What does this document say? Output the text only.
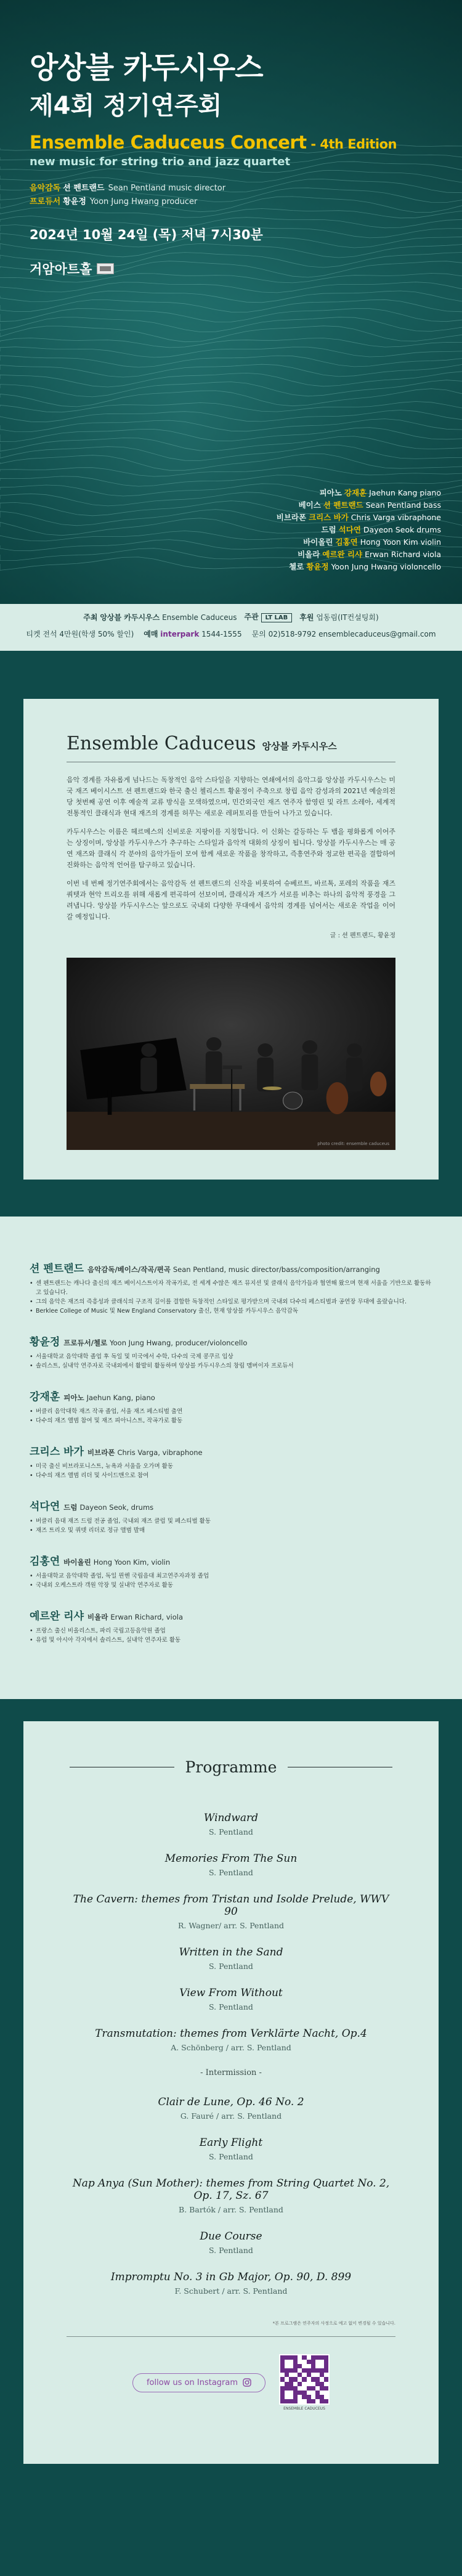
앙상블 카두시우스
제4회 정기연주회
Ensemble Caduceus Concert - 4th Edition
new music for string trio and jazz quartet
음악감독 션 펜트랜드 Sean Pentland music director
프로듀서 황윤정 Yoon Jung Hwang producer
2024년 10월 24일 (목) 저녁 7시30분
거암아트홀
피아노 강재훈 Jaehun Kang piano
베이스 션 펜트랜드 Sean Pentland bass
비브라폰 크리스 바가 Chris Varga vibraphone
드럼 석다연 Dayeon Seok drums
바이올린 김홍연 Hong Yoon Kim violin
비올라 예르완 리샤 Erwan Richard viola
첼로 황윤정 Yoon Jung Hwang violoncello
주최 앙상블 카두시우스 Ensemble Caduceus 주관 LT LAB	후원 업동림(IT컨설팅회)
티켓 전석 4만원(학생 50% 할인) 예매 interpark 1544-1555 문의 02)518-9792 ensemblecaduceus@gmail.com
Ensemble Caduceus 앙상블 카두시우스

음악 경계를 자유롭게 넘나드는 독창적인 음악 스타일을 지향하는 연쇄에서의 음악그룹 앙상블 카두시우스는 미국 재즈 베이시스트 션 펜트랜드와 한국 출신 첼리스트 황윤정이 주축으로 창립 음악 감성과의 2021년 예술의전당 첫번째 공연 이후 예술적 교류 방식을 모색하였으며, 민간외국인 재즈 연주자 함영린 및 라트 소레아, 세계적 전통적인 클래식과 현대 재즈의 경계를 허무는 새로운 레퍼토리를 만들어 나가고 있습니다.

카두시우스는 이름은 헤르메스의 신비로운 지팡이를 지칭합니다. 이 신화는 갈등하는 두 뱀을 평화롭게 이어주는 상징이며, 앙상블 카두시우스가 추구하는 스타일과 음악적 대화의 상징이 됩니다. 앙상블 카두시우스는 매 공연 재즈와 클래식 각 분야의 음악가들이 모여 함께 새로운 작품을 창작하고, 즉흥연주와 정교한 편곡을 결합하여 진화하는 음악적 언어를 탐구하고 있습니다.

이번 네 번째 정기연주회에서는 음악감독 션 펜트랜드의 신작을 비롯하여 슈베르트, 바르톡, 포레의 작품을 재즈 쿼텟과 현악 트리오를 위해 새롭게 편곡하여 선보이며, 클래식과 재즈가 서로를 비추는 하나의 음악적 풍경을 그려냅니다. 앙상블 카두시우스는 앞으로도 국내외 다양한 무대에서 음악의 경계를 넘어서는 새로운 작업을 이어갈 예정입니다.

글 : 션 펜트랜드, 황윤정
photo credit: ensemble caduceus
션 펜트랜드 음악감독/베이스/작곡/편곡 Sean Pentland, music director/bass/composition/arranging
• 센 펜트랜드는 캐나다 출신의 재즈 베이시스트이자 작곡가로, 전 세계 수많은 재즈 뮤지션 및 클래식 음악가들과 협연해 왔으며 현재 서울을 기반으로 활동하고 있습니다.
• 그의 음악은 재즈의 즉흥성과 클래식의 구조적 깊이를 결합한 독창적인 스타일로 평가받으며 국내외 다수의 페스티벌과 공연장 무대에 올랐습니다.
• Berklee College of Music 및 New England Conservatory 출신, 현재 앙상블 카두시우스 음악감독
황윤정 프로듀서/첼로 Yoon Jung Hwang, producer/violoncello
• 서울대학교 음악대학 졸업 후 독일 및 미국에서 수학, 다수의 국제 콩쿠르 입상
• 솔리스트, 실내악 연주자로 국내외에서 활발히 활동하며 앙상블 카두시우스의 창립 멤버이자 프로듀서
강재훈 피아노 Jaehun Kang, piano
• 버클리 음악대학 재즈 작곡 졸업, 서울 재즈 페스티벌 출연
• 다수의 재즈 앨범 참여 및 재즈 피아니스트, 작곡가로 활동
크리스 바가 비브라폰 Chris Varga, vibraphone
• 미국 출신 비브라포니스트, 뉴욕과 서울을 오가며 활동
• 다수의 재즈 앨범 리더 및 사이드맨으로 참여
석다연 드럼 Dayeon Seok, drums
• 버클리 음대 재즈 드럼 전공 졸업, 국내외 재즈 클럽 및 페스티벌 활동
• 재즈 트리오 및 쿼텟 리더로 정규 앨범 발매
김홍연 바이올린 Hong Yoon Kim, violin
• 서울대학교 음악대학 졸업, 독일 뮌헨 국립음대 최고연주자과정 졸업
• 국내외 오케스트라 객원 악장 및 실내악 연주자로 활동
예르완 리샤 비올라 Erwan Richard, viola
• 프랑스 출신 비올리스트, 파리 국립고등음악원 졸업
• 유럽 및 아시아 각지에서 솔리스트, 실내악 연주자로 활동
Programme
Windward
S. Pentland
Memories From The Sun
S. Pentland
The Cavern: themes from Tristan und Isolde Prelude, WWV 90
R. Wagner/ arr. S. Pentland
Written in the Sand
S. Pentland
View From Without
S. Pentland
Transmutation: themes from Verklärte Nacht, Op.4
A. Schönberg / arr. S. Pentland
- Intermission -
Clair de Lune, Op. 46 No. 2
G. Fauré / arr. S. Pentland
Early Flight
S. Pentland
Nap Anya (Sun Mother): themes from String Quartet No. 2, Op. 17, Sz. 67
B. Bartók / arr. S. Pentland
Due Course
S. Pentland
Impromptu No. 3 in Gb Major, Op. 90, D. 899
F. Schubert / arr. S. Pentland
*본 프로그램은 연주자의 사정으로 예고 없이 변경될 수 있습니다.
follow us on Instagram
ENSEMBLE CADUCEUS
